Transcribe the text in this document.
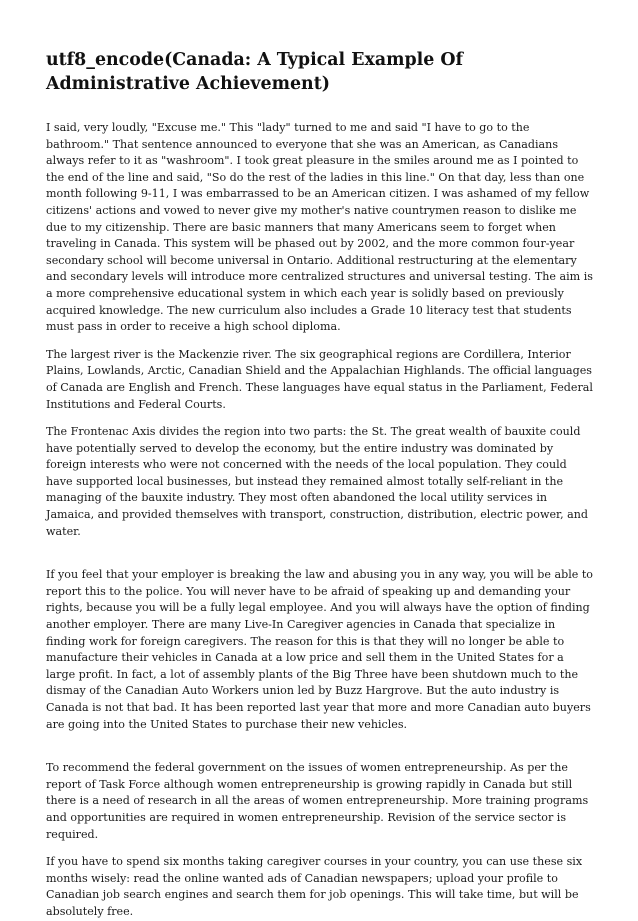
utf8_encode(Canada: A Typical Example Of Administrative Achievement)

I said, very loudly, "Excuse me." This "lady" turned to me and said "I have to go to the bathroom." That sentence announced to everyone that she was an American, as Canadians always refer to it as "washroom". I took great pleasure in the smiles around me as I pointed to the end of the line and said, "So do the rest of the ladies in this line." On that day, less than one month following 9-11, I was embarrassed to be an American citizen. I was ashamed of my fellow citizens' actions and vowed to never give my mother's native countrymen reason to dislike me due to my citizenship. There are basic manners that many Americans seem to forget when traveling in Canada. This system will be phased out by 2002, and the more common four-year secondary school will become universal in Ontario. Additional restructuring at the elementary and secondary levels will introduce more centralized structures and universal testing. The aim is a more comprehensive educational system in which each year is solidly based on previously acquired knowledge. The new curriculum also includes a Grade 10 literacy test that students must pass in order to receive a high school diploma.

The largest river is the Mackenzie river. The six geographical regions are Cordillera, Interior Plains, Lowlands, Arctic, Canadian Shield and the Appalachian Highlands. The official languages of Canada are English and French. These languages have equal status in the Parliament, Federal Institutions and Federal Courts.

The Frontenac Axis divides the region into two parts: the St. The great wealth of bauxite could have potentially served to develop the economy, but the entire industry was dominated by foreign interests who were not concerned with the needs of the local population. They could have supported local businesses, but instead they remained almost totally self-reliant in the managing of the bauxite industry. They most often abandoned the local utility services in Jamaica, and provided themselves with transport, construction, distribution, electric power, and water.

If you feel that your employer is breaking the law and abusing you in any way, you will be able to report this to the police. You will never have to be afraid of speaking up and demanding your rights, because you will be a fully legal employee. And you will always have the option of finding another employer. There are many Live-In Caregiver agencies in Canada that specialize in finding work for foreign caregivers. The reason for this is that they will no longer be able to manufacture their vehicles in Canada at a low price and sell them in the United States for a large profit. In fact, a lot of assembly plants of the Big Three have been shutdown much to the dismay of the Canadian Auto Workers union led by Buzz Hargrove. But the auto industry is Canada is not that bad. It has been reported last year that more and more Canadian auto buyers are going into the United States to purchase their new vehicles.

To recommend the federal government on the issues of women entrepreneurship. As per the report of Task Force although women entrepreneurship is growing rapidly in Canada but still there is a need of research in all the areas of women entrepreneurship. More training programs and opportunities are required in women entrepreneurship. Revision of the service sector is required.

If you have to spend six months taking caregiver courses in your country, you can use these six months wisely: read the online wanted ads of Canadian newspapers; upload your profile to Canadian job search engines and search them for job openings. This will take time, but will be absolutely free.
